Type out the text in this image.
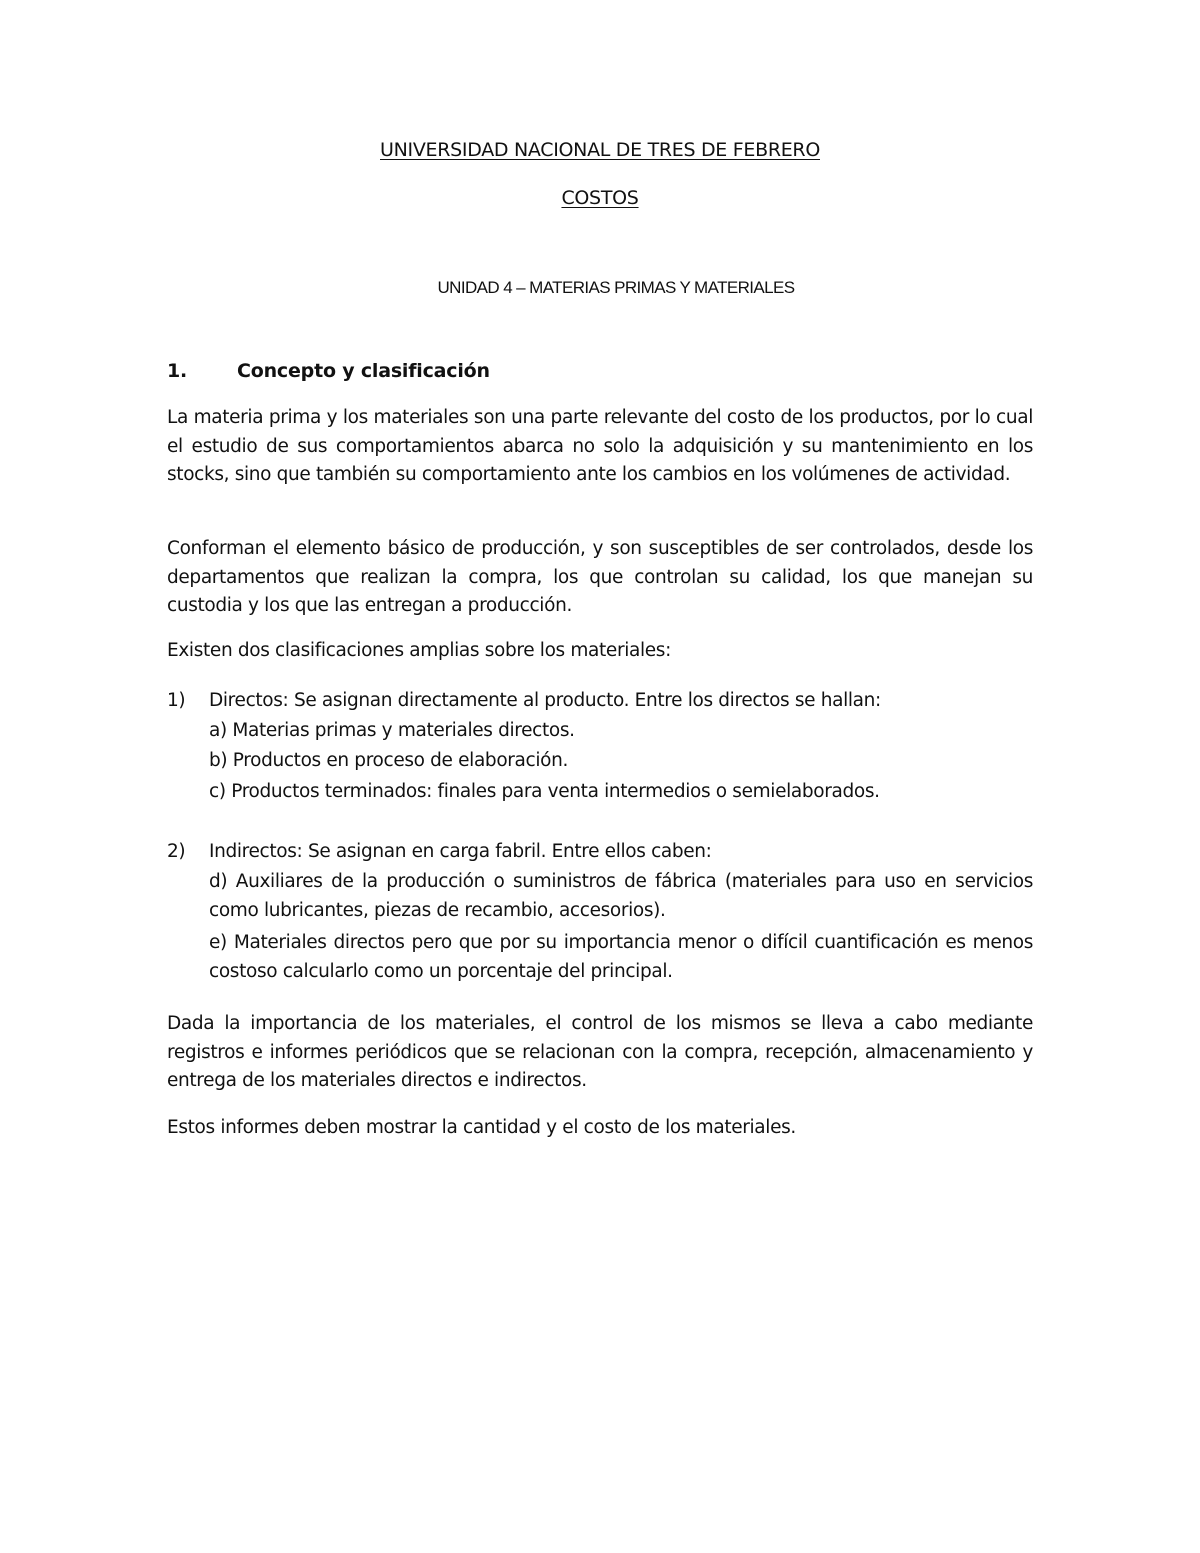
UNIVERSIDAD NACIONAL DE TRES DE FEBRERO
COSTOS
UNIDAD 4 – MATERIAS PRIMAS Y MATERIALES
1.	Concepto y clasificación

La materia prima y los materiales son una parte relevante del costo de los productos, por lo cual el estudio de sus comportamientos abarca no solo la adquisición y su mantenimiento en los stocks, sino que también su comportamiento ante los cambios en los volúmenes de actividad.

Conforman el elemento básico de producción, y son susceptibles de ser controlados, desde los departamentos que realizan la compra, los que controlan su calidad, los que manejan su custodia y los que las entregan a producción.

Existen dos clasificaciones amplias sobre los materiales:

1) Directos: Se asignan directamente al producto. Entre los directos se hallan:
a) Materias primas y materiales directos.
b) Productos en proceso de elaboración.
c) Productos terminados: finales para venta intermedios o semielaborados.
2) Indirectos: Se asignan en carga fabril. Entre ellos caben:

d) Auxiliares de la producción o suministros de fábrica (materiales para uso en servicios como lubricantes, piezas de recambio, accesorios).

e) Materiales directos pero que por su importancia menor o difícil cuantificación es menos costoso calcularlo como un porcentaje del principal.

Dada la importancia de los materiales, el control de los mismos se lleva a cabo mediante registros e informes periódicos que se relacionan con la compra, recepción, almacenamiento y entrega de los materiales directos e indirectos.

Estos informes deben mostrar la cantidad y el costo de los materiales.
